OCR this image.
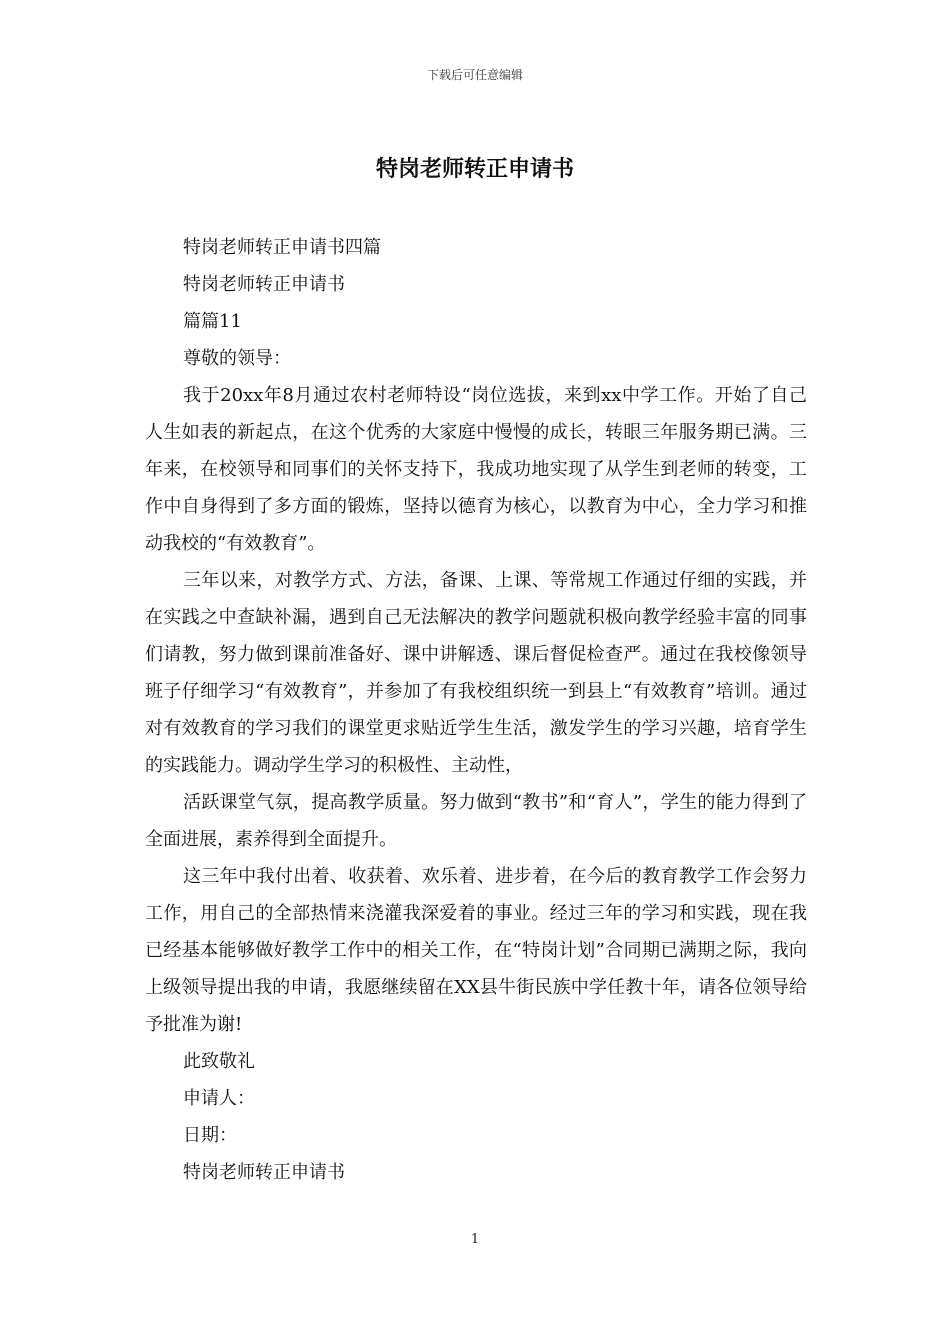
下载后可任意编辑
特岗老师转正申请书

特岗老师转正申请书四篇

特岗老师转正申请书

篇篇11

尊敬的领导：

我于20xx年8月通过农村老师特设“岗位选拔，来到xx中学工作。开始了自己人生如表的新起点，在这个优秀的大家庭中慢慢的成长，转眼三年服务期已满。三年来，在校领导和同事们的关怀支持下，我成功地实现了从学生到老师的转变，工作中自身得到了多方面的锻炼，坚持以德育为核心，以教育为中心，全力学习和推动我校的“有效教育”。

三年以来，对教学方式、方法，备课、上课、等常规工作通过仔细的实践，并在实践之中查缺补漏，遇到自己无法解决的教学问题就积极向教学经验丰富的同事们请教，努力做到课前准备好、课中讲解透、课后督促检查严。通过在我校像领导班子仔细学习“有效教育”，并参加了有我校组织统一到县上“有效教育”培训。通过对有效教育的学习我们的课堂更求贴近学生生活，激发学生的学习兴趣，培育学生的实践能力。调动学生学习的积极性、主动性，

活跃课堂气氛，提高教学质量。努力做到“教书”和“育人”，学生的能力得到了全面进展，素养得到全面提升。

这三年中我付出着、收获着、欢乐着、进步着，在今后的教育教学工作会努力工作，用自己的全部热情来浇灌我深爱着的事业。经过三年的学习和实践，现在我已经基本能够做好教学工作中的相关工作，在“特岗计划”合同期已满期之际，我向上级领导提出我的申请，我愿继续留在XX县牛街民族中学任教十年，请各位领导给予批准为谢!

此致敬礼

申请人：

日期：

特岗老师转正申请书

1
